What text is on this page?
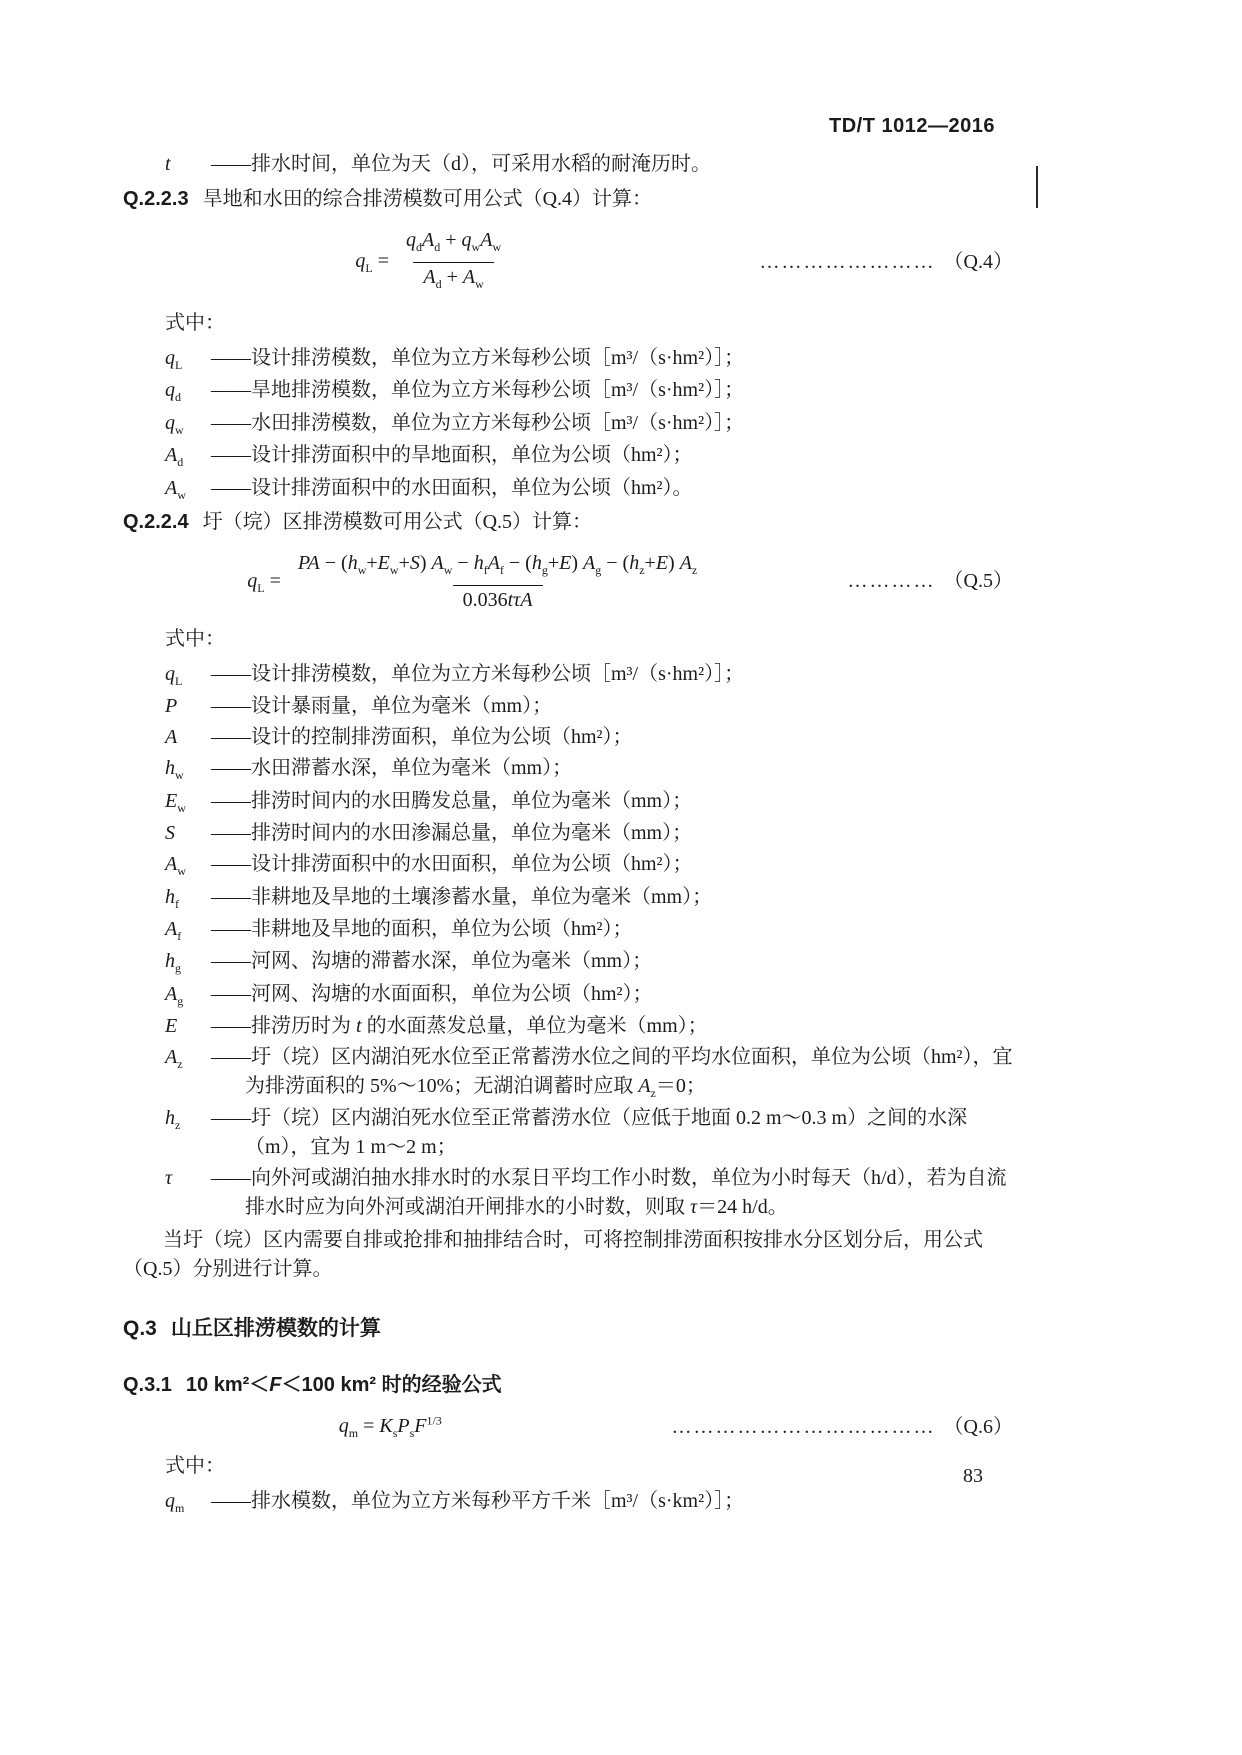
t	——排水时间，单位为天（d），可采用水稻的耐淹历时。
Q.2.2.3 旱地和水田的综合排涝模数可用公式（Q.4）计算：
$q_L = \frac{q_dA_d + q_wA_w}{A_d + A_w}$	…………………… （Q.4）
式中：
$q_L$	——设计排涝模数，单位为立方米每秒公顷［m³/（s·hm²）］；
$q_d$	——旱地排涝模数，单位为立方米每秒公顷［m³/（s·hm²）］；
$q_w$	——水田排涝模数，单位为立方米每秒公顷［m³/（s·hm²）］；
$A_d$	——设计排涝面积中的旱地面积，单位为公顷（hm²）；
$A_w$	——设计排涝面积中的水田面积，单位为公顷（hm²）。
Q.2.2.4 圩（垸）区排涝模数可用公式（Q.5）计算：
$q_L = \frac{PA - (h_w+E_w+S) A_w - h_fA_f - (h_g+E) A_g - (h_z+E) A_z}{\text{0.036tτA}}$	………… （Q.5）
式中：
$q_L$	——设计排涝模数，单位为立方米每秒公顷［m³/（s·hm²）］；
P	——设计暴雨量，单位为毫米（mm）；
A	——设计的控制排涝面积，单位为公顷（hm²）；
$h_w$	——水田滞蓄水深，单位为毫米（mm）；
$E_w$	——排涝时间内的水田腾发总量，单位为毫米（mm）；
S	——排涝时间内的水田渗漏总量，单位为毫米（mm）；
$A_w$	——设计排涝面积中的水田面积，单位为公顷（hm²）；
$h_f$	——非耕地及旱地的土壤渗蓄水量，单位为毫米（mm）；
$A_f$	——非耕地及旱地的面积，单位为公顷（hm²）；
$h_g$	——河网、沟塘的滞蓄水深，单位为毫米（mm）；
$A_g$	——河网、沟塘的水面面积，单位为公顷（hm²）；
E	——排涝历时为 t 的水面蒸发总量，单位为毫米（mm）；
$A_z$	——圩（垸）区内湖泊死水位至正常蓄涝水位之间的平均水位面积，单位为公顷（hm²），宜为排涝面积的 5%～10%；无湖泊调蓄时应取 $A_z=0$；
$h_z$	——圩（垸）区内湖泊死水位至正常蓄涝水位（应低于地面 0.2 m～0.3 m）之间的水深（m），宜为 1 m～2 m；
τ	——向外河或湖泊抽水排水时的水泵日平均工作小时数，单位为小时每天（h/d），若为自流排水时应为向外河或湖泊开闸排水的小时数，则取 τ＝24 h/d。

当圩（垸）区内需要自排或抢排和抽排结合时，可将控制排涝面积按排水分区划分后，用公式（Q.5）分别进行计算。

Q.3 山丘区排涝模数的计算
Q.3.1 10 km²＜F＜100 km² 时的经验公式
$q_m = K_sP_sF^{1/3}$	……………………………… （Q.6）
式中：
$q_m$	——排水模数，单位为立方米每秒平方千米［m³/（s·km²）］；
TD/T 1012—2016
83
